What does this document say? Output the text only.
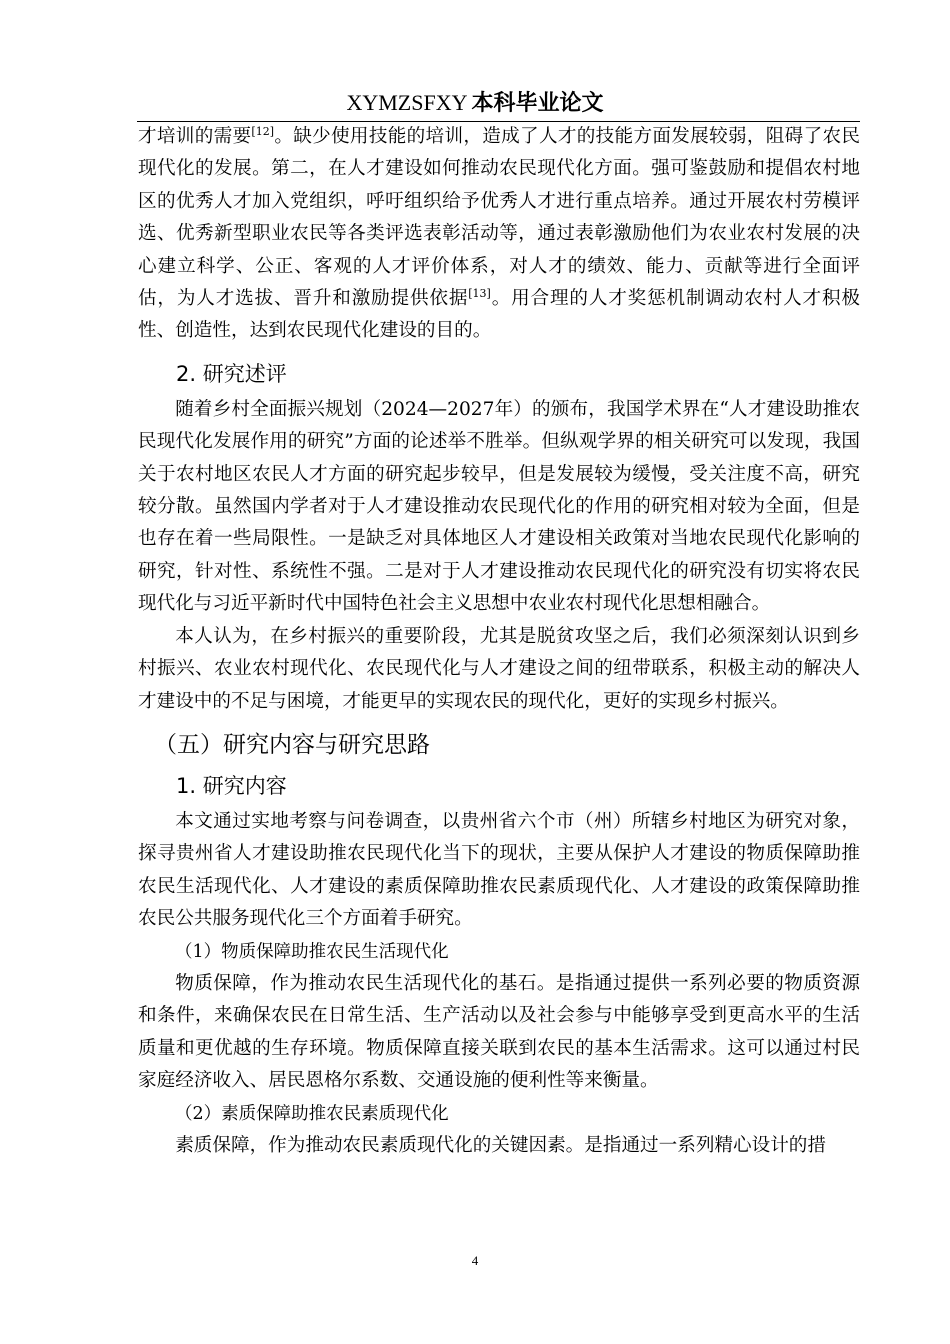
XYMZSFXY 本科毕业论文

才培训的需要[12]。缺少使用技能的培训，造成了人才的技能方面发展较弱，阻碍了农民现代化的发展。第二，在人才建设如何推动农民现代化方面。强可鉴鼓励和提倡农村地区的优秀人才加入党组织，呼吁组织给予优秀人才进行重点培养。通过开展农村劳模评选、优秀新型职业农民等各类评选表彰活动等，通过表彰激励他们为农业农村发展的决心建立科学、公正、客观的人才评价体系，对人才的绩效、能力、贡献等进行全面评估，为人才选拔、晋升和激励提供依据[13]。用合理的人才奖惩机制调动农村人才积极性、创造性，达到农民现代化建设的目的。

2. 研究述评

随着乡村全面振兴规划（2024—2027年）的颁布，我国学术界在“人才建设助推农民现代化发展作用的研究”方面的论述举不胜举。但纵观学界的相关研究可以发现，我国关于农村地区农民人才方面的研究起步较早，但是发展较为缓慢，受关注度不高，研究较分散。虽然国内学者对于人才建设推动农民现代化的作用的研究相对较为全面，但是也存在着一些局限性。一是缺乏对具体地区人才建设相关政策对当地农民现代化影响的研究，针对性、系统性不强。二是对于人才建设推动农民现代化的研究没有切实将农民现代化与习近平新时代中国特色社会主义思想中农业农村现代化思想相融合。

本人认为，在乡村振兴的重要阶段，尤其是脱贫攻坚之后，我们必须深刻认识到乡村振兴、农业农村现代化、农民现代化与人才建设之间的纽带联系，积极主动的解决人才建设中的不足与困境，才能更早的实现农民的现代化，更好的实现乡村振兴。

（五）研究内容与研究思路
1. 研究内容

本文通过实地考察与问卷调查，以贵州省六个市（州）所辖乡村地区为研究对象，探寻贵州省人才建设助推农民现代化当下的现状，主要从保护人才建设的物质保障助推农民生活现代化、人才建设的素质保障助推农民素质现代化、人才建设的政策保障助推农民公共服务现代化三个方面着手研究。

（1）物质保障助推农民生活现代化

物质保障，作为推动农民生活现代化的基石。是指通过提供一系列必要的物质资源和条件，来确保农民在日常生活、生产活动以及社会参与中能够享受到更高水平的生活质量和更优越的生存环境。物质保障直接关联到农民的基本生活需求。这可以通过村民家庭经济收入、居民恩格尔系数、交通设施的便利性等来衡量。

（2）素质保障助推农民素质现代化

素质保障，作为推动农民素质现代化的关键因素。是指通过一系列精心设计的措

4
